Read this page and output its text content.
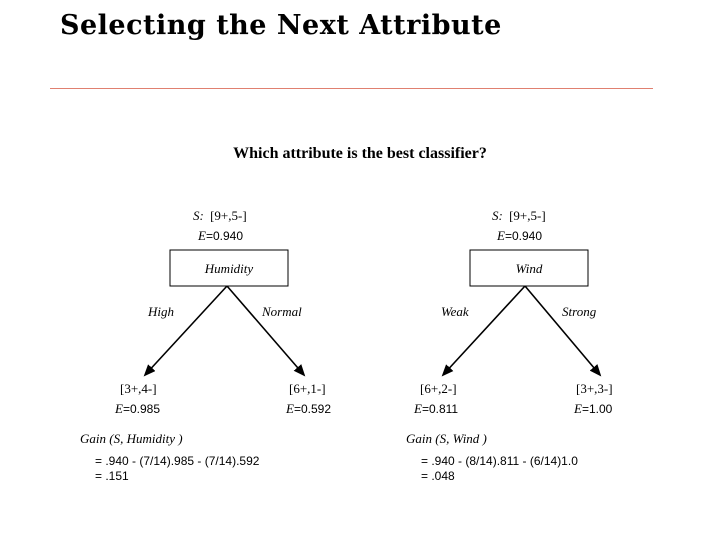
Selecting the Next Attribute
Which attribute is the best classifier?
S: [9+,5-]
E=0.940
Humidity
High	Normal
[3+,4-]
E=0.985
[6+,1-]
E=0.592
Gain (S, Humidity )
= .940 - (7/14).985 - (7/14).592
= .151
S: [9+,5-]
E=0.940
Wind
Weak	Strong
[6+,2-]
E=0.811
[3+,3-]
E=1.00
Gain (S, Wind )
= .940 - (8/14).811 - (6/14)1.0
= .048
